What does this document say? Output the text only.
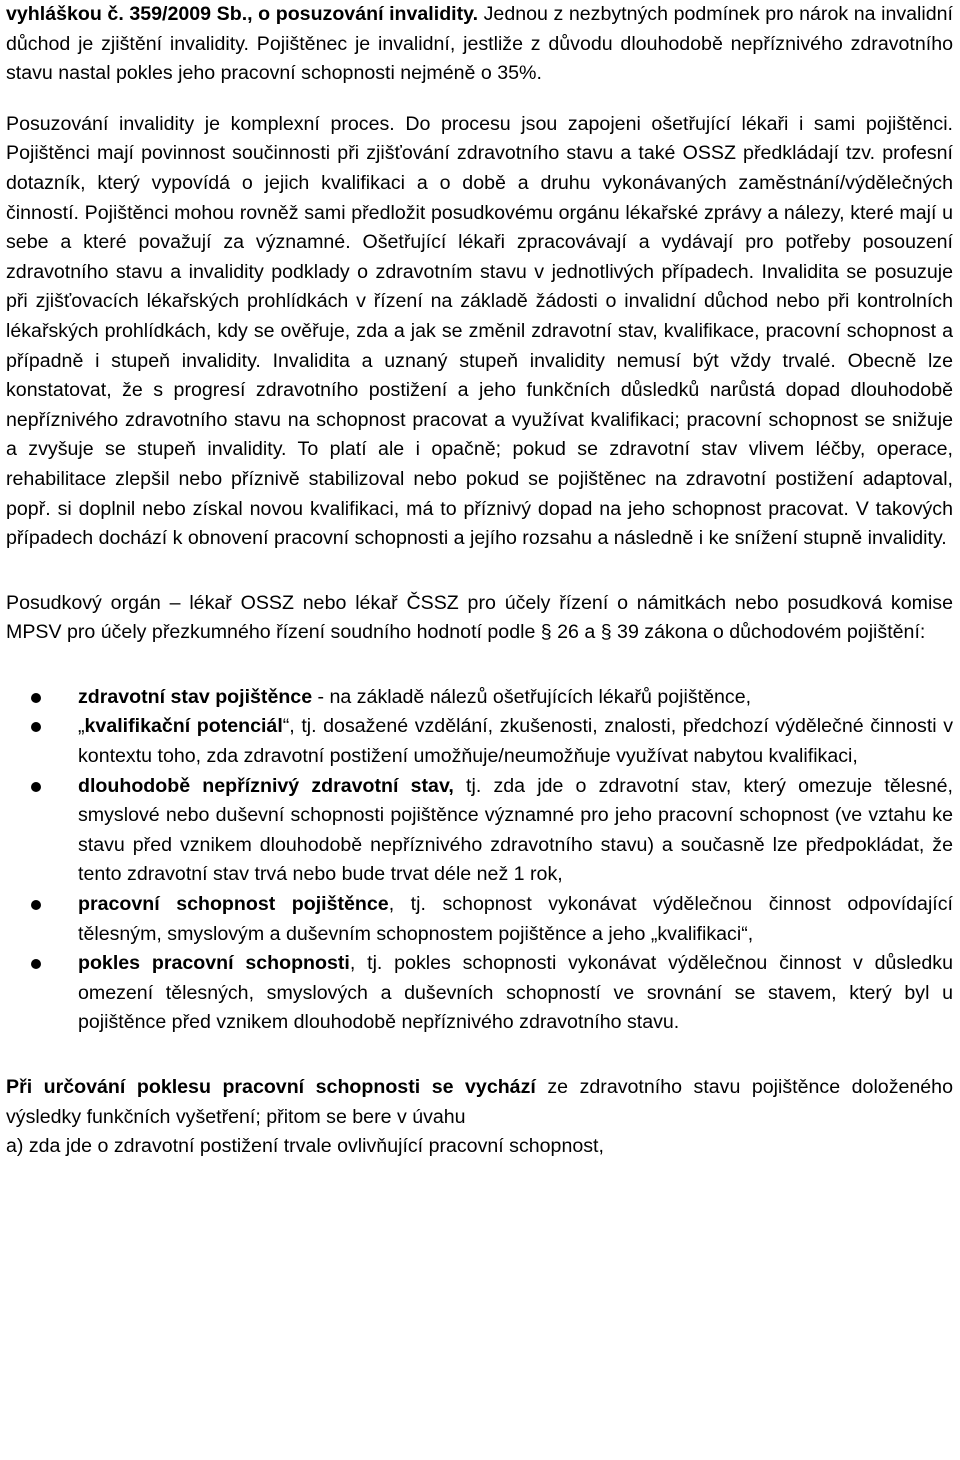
vyhláškou č. 359/2009 Sb., o posuzování invalidity. Jednou z nezbytných podmínek pro nárok na invalidní důchod je zjištění invalidity. Pojištěnec je invalidní, jestliže z důvodu dlouhodobě nepříznivého zdravotního stavu nastal pokles jeho pracovní schopnosti nejméně o 35%.

Posuzování invalidity je komplexní proces. Do procesu jsou zapojeni ošetřující lékaři i sami pojištěnci. Pojištěnci mají povinnost součinnosti při zjišťování zdravotního stavu a také OSSZ předkládají tzv. profesní dotazník, který vypovídá o jejich kvalifikaci a o době a druhu vykonávaných zaměstnání/výdělečných činností. Pojištěnci mohou rovněž sami předložit posudkovému orgánu lékařské zprávy a nálezy, které mají u sebe a které považují za významné. Ošetřující lékaři zpracovávají a vydávají pro potřeby posouzení zdravotního stavu a invalidity podklady o zdravotním stavu v jednotlivých případech. Invalidita se posuzuje při zjišťovacích lékařských prohlídkách v řízení na základě žádosti o invalidní důchod nebo při kontrolních lékařských prohlídkách, kdy se ověřuje, zda a jak se změnil zdravotní stav, kvalifikace, pracovní schopnost a případně i stupeň invalidity. Invalidita a uznaný stupeň invalidity nemusí být vždy trvalé. Obecně lze konstatovat, že s progresí zdravotního postižení a jeho funkčních důsledků narůstá dopad dlouhodobě nepříznivého zdravotního stavu na schopnost pracovat a využívat kvalifikaci; pracovní schopnost se snižuje a zvyšuje se stupeň invalidity. To platí ale i opačně; pokud se zdravotní stav vlivem léčby, operace, rehabilitace zlepšil nebo příznivě stabilizoval nebo pokud se pojištěnec na zdravotní postižení adaptoval, popř. si doplnil nebo získal novou kvalifikaci, má to příznivý dopad na jeho schopnost pracovat. V takových případech dochází k obnovení pracovní schopnosti a jejího rozsahu a následně i ke snížení stupně invalidity.

Posudkový orgán – lékař OSSZ nebo lékař ČSSZ pro účely řízení o námitkách nebo posudková komise MPSV pro účely přezkumného řízení soudního hodnotí podle § 26 a § 39 zákona o důchodovém pojištění:

zdravotní stav pojištěnce - na základě nálezů ošetřujících lékařů pojištěnce,
„kvalifikační potenciál“, tj. dosažené vzdělání, zkušenosti, znalosti, předchozí výdělečné činnosti v kontextu toho, zda zdravotní postižení umožňuje/neumožňuje využívat nabytou kvalifikaci,
dlouhodobě nepříznivý zdravotní stav, tj. zda jde o zdravotní stav, který omezuje tělesné, smyslové nebo duševní schopnosti pojištěnce významné pro jeho pracovní schopnost (ve vztahu ke stavu před vznikem dlouhodobě nepříznivého zdravotního stavu) a současně lze předpokládat, že tento zdravotní stav trvá nebo bude trvat déle než 1 rok,
pracovní schopnost pojištěnce, tj. schopnost vykonávat výdělečnou činnost odpovídající tělesným, smyslovým a duševním schopnostem pojištěnce a jeho „kvalifikaci“,
pokles pracovní schopnosti, tj. pokles schopnosti vykonávat výdělečnou činnost v důsledku omezení tělesných, smyslových a duševních schopností ve srovnání se stavem, který byl u pojištěnce před vznikem dlouhodobě nepříznivého zdravotního stavu.

Při určování poklesu pracovní schopnosti se vychází ze zdravotního stavu pojištěnce doloženého výsledky funkčních vyšetření; přitom se bere v úvahu

a) zda jde o zdravotní postižení trvale ovlivňující pracovní schopnost,
